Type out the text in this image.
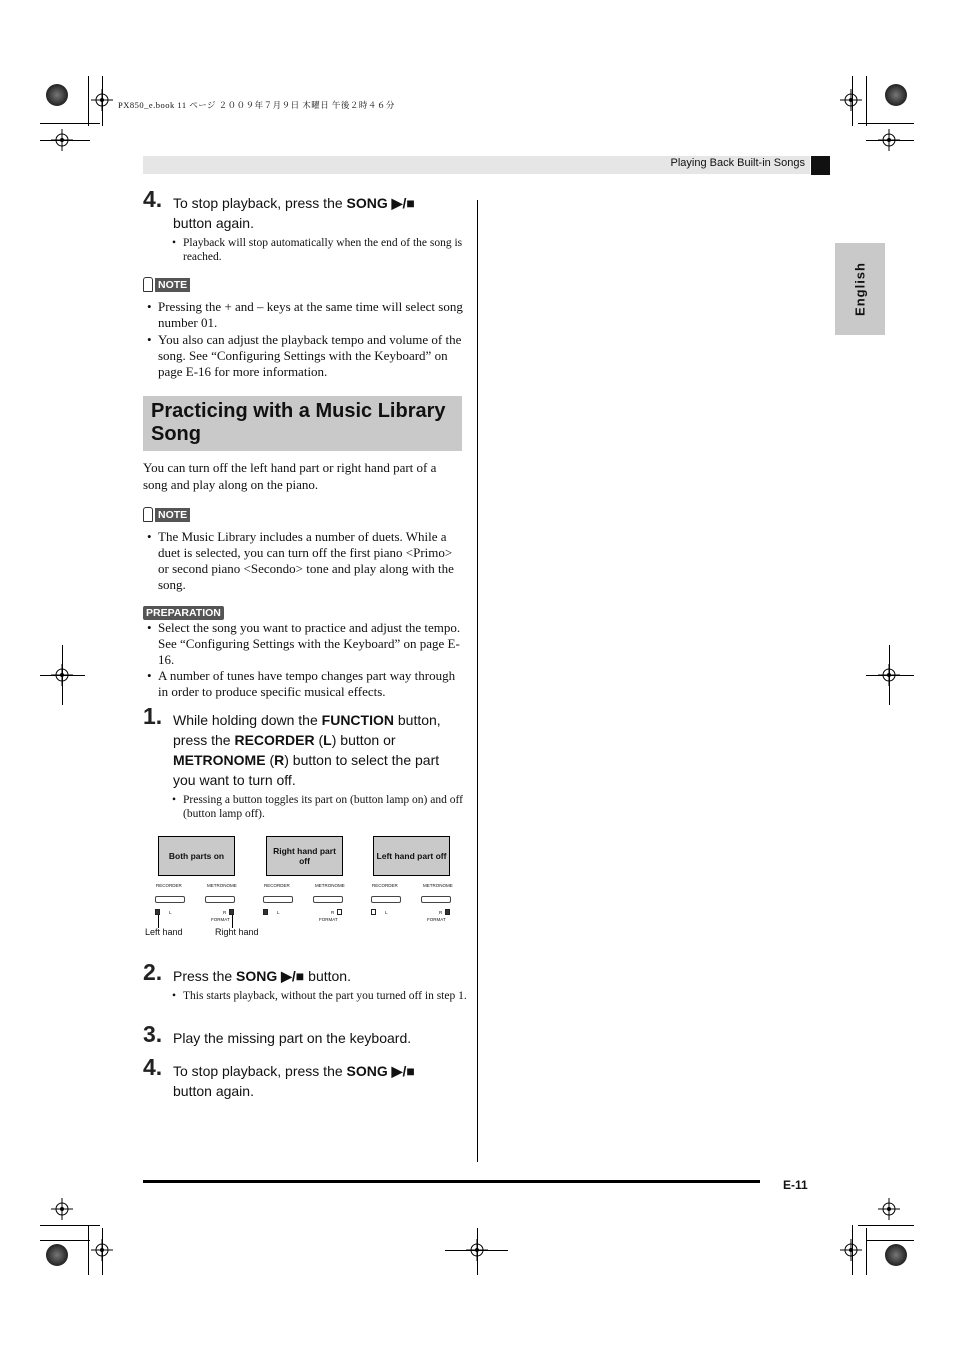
PX850_e.book 11 ページ ２００９年７月９日 木曜日 午後２時４６分
Playing Back Built-in Songs
English
4. To stop playback, press the SONG ▶/■
button again.
• Playback will stop automatically when the end of the song is reached.
NOTE
• Pressing the + and – keys at the same time will select song number 01.
• You also can adjust the playback tempo and volume of the song. See “Configuring Settings with the Keyboard” on page E-16 for more information.
Practicing with a Music Library Song
You can turn off the left hand part or right hand part of a song and play along on the piano.
NOTE
• The Music Library includes a number of duets. While a duet is selected, you can turn off the first piano <Primo> or second piano <Secondo> tone and play along with the song.
PREPARATION
• Select the song you want to practice and adjust the tempo. See “Configuring Settings with the Keyboard” on page E-16.
• A number of tunes have tempo changes part way through in order to produce specific musical effects.
1. While holding down the FUNCTION button, press the RECORDER (L) button or METRONOME (R) button to select the part you want to turn off.
• Pressing a button toggles its part on (button lamp on) and off (button lamp off).
Both parts on
RECORDER	METRONOME
L	R
FORMAT
Left hand	Right hand
Right hand part off
RECORDER	METRONOME
L	R
FORMAT
Left hand part off
RECORDER	METRONOME
L	R
FORMAT
2. Press the SONG ▶/■ button.
• This starts playback, without the part you turned off in step 1.
3. Play the missing part on the keyboard.
4. To stop playback, press the SONG ▶/■
button again.
E-11
